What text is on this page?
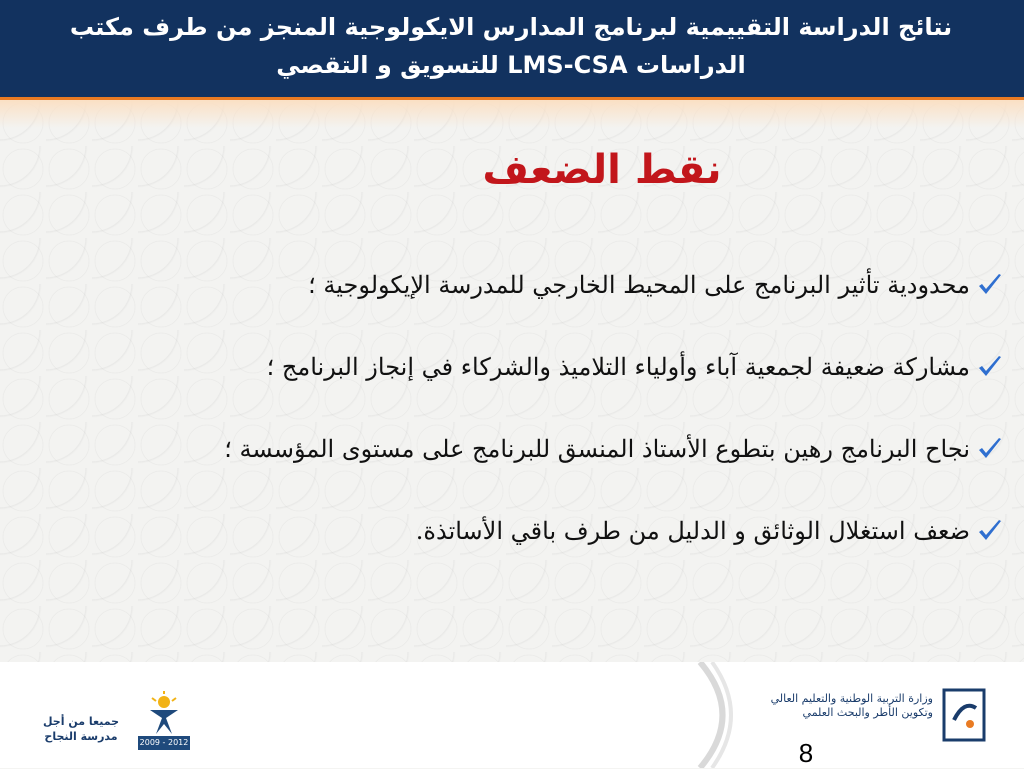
نتائج الدراسة التقييمية لبرنامج المدارس الايكولوجية المنجز من طرف مكتب الدراسات LMS-CSA للتسويق و التقصي
نقط الضعف
محدودية تأثير البرنامج على المحيط الخارجي للمدرسة الإيكولوجية ؛
مشاركة ضعيفة لجمعية آباء وأولياء التلاميذ والشركاء في إنجاز البرنامج ؛
نجاح البرنامج رهين بتطوع الأستاذ المنسق للبرنامج على مستوى المؤسسة ؛
ضعف استغلال الوثائق و الدليل من طرف باقي الأساتذة.
جميعا من أجل مدرسة النجاح	2009 - 2012
وزارة التربية الوطنية والتعليم العالي وتكوين الأطر والبحث العلمي
8
